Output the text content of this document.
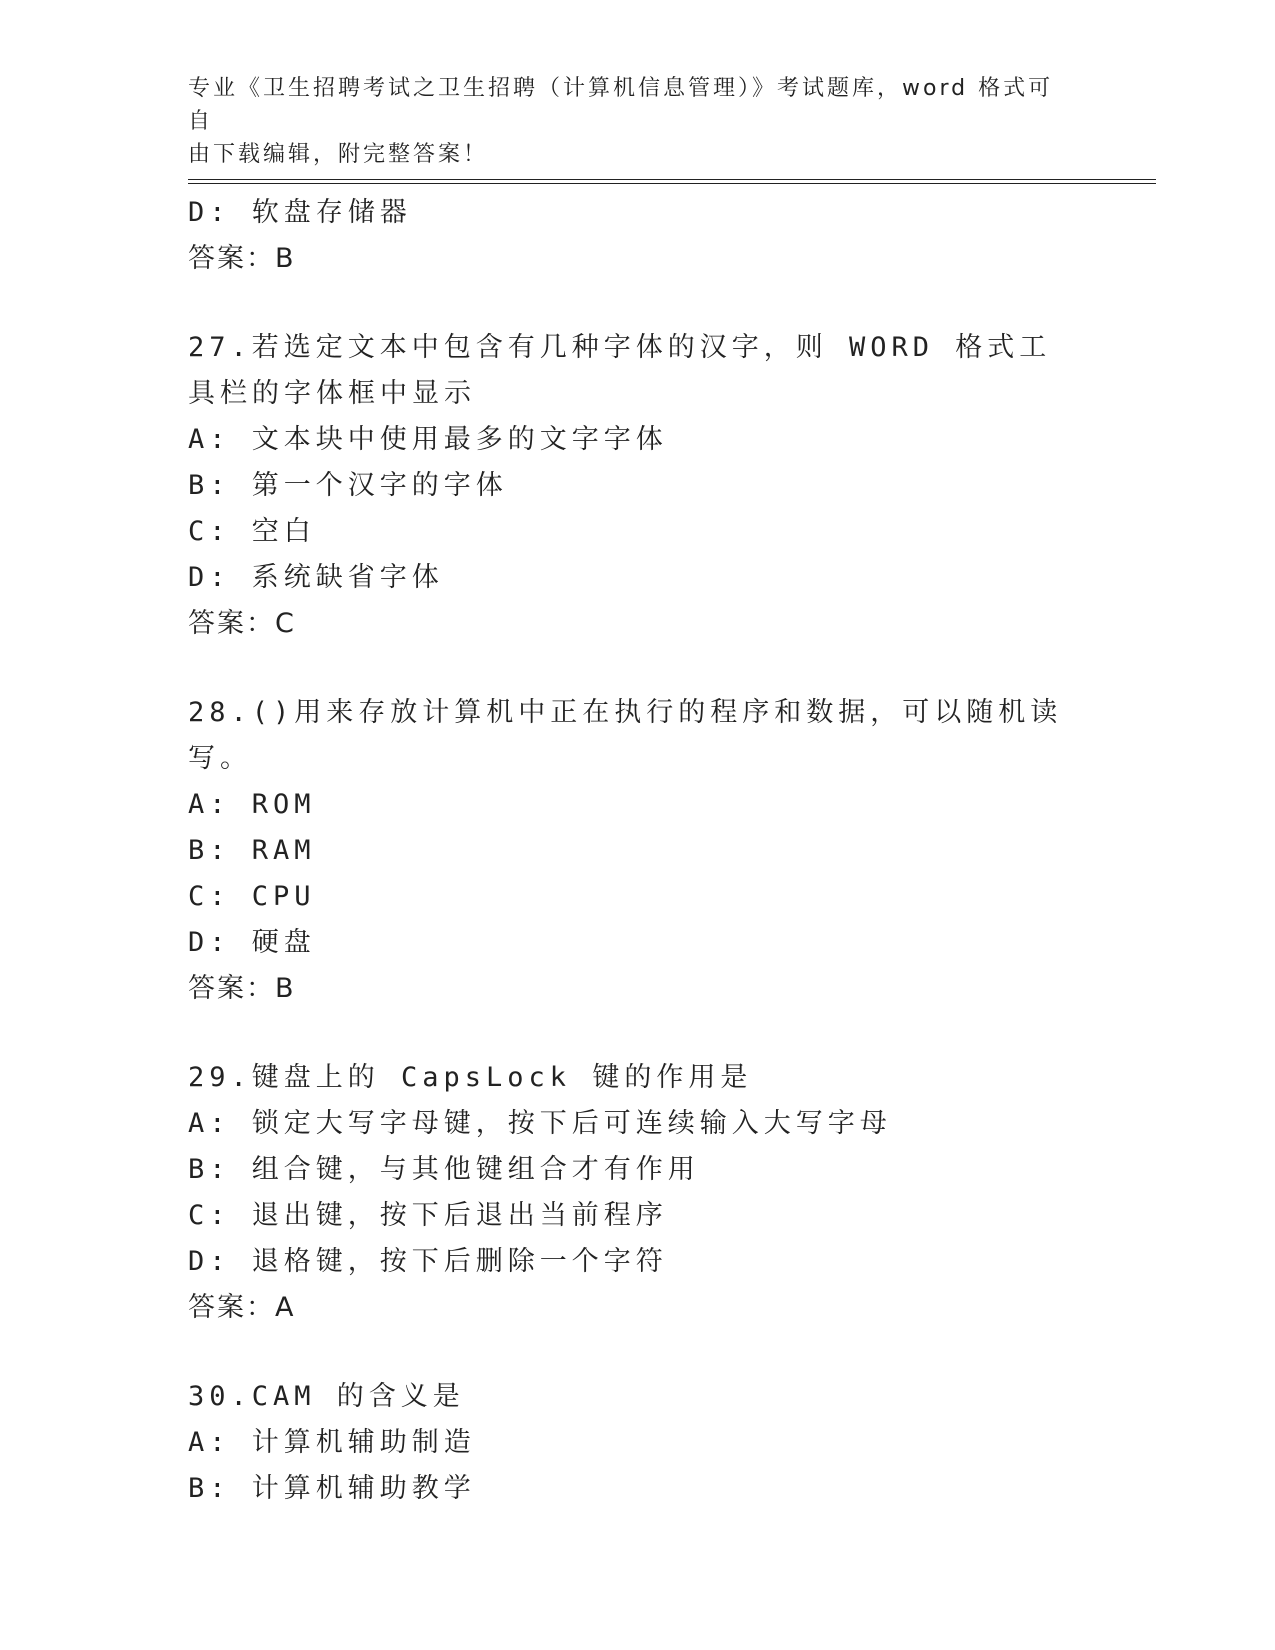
专业《卫生招聘考试之卫生招聘（计算机信息管理）》考试题库，word 格式可自
由下载编辑，附完整答案！
D: 软盘存储器
答案：B
27.若选定文本中包含有几种字体的汉字，则 WORD 格式工具栏的字体框中显示
A: 文本块中使用最多的文字字体
B: 第一个汉字的字体
C: 空白
D: 系统缺省字体
答案：C
28.()用来存放计算机中正在执行的程序和数据，可以随机读写。
A: ROM
B: RAM
C: CPU
D: 硬盘
答案：B
29.键盘上的 CapsLock 键的作用是
A: 锁定大写字母键，按下后可连续输入大写字母
B: 组合键，与其他键组合才有作用
C: 退出键，按下后退出当前程序
D: 退格键，按下后删除一个字符
答案：A
30.CAM 的含义是
A: 计算机辅助制造
B: 计算机辅助教学
